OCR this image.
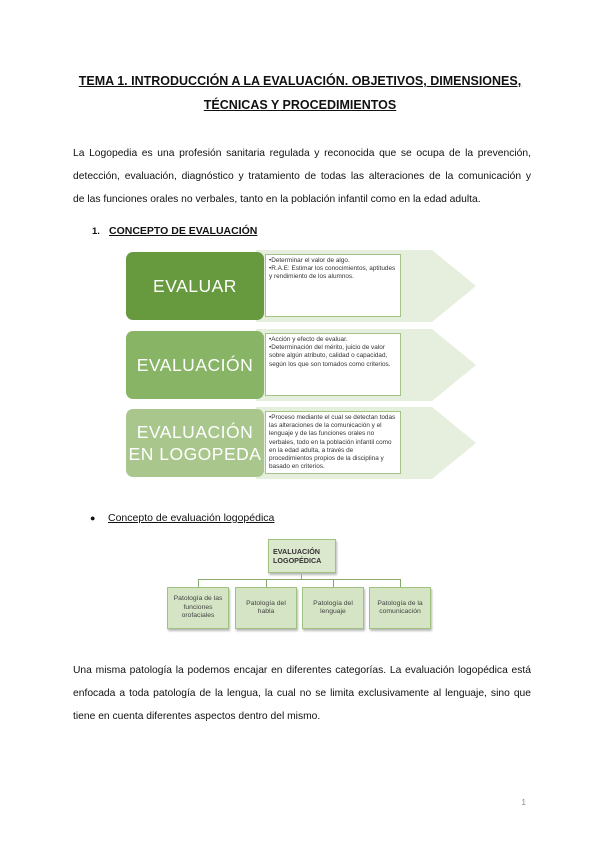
TEMA 1. INTRODUCCIÓN A LA EVALUACIÓN. OBJETIVOS, DIMENSIONES,
TÉCNICAS Y PROCEDIMIENTOS
La Logopedia es una profesión sanitaria regulada y reconocida que se ocupa de la prevención,
detección, evaluación, diagnóstico y tratamiento de todas las alteraciones de la comunicación y
de las funciones orales no verbales, tanto en la población infantil como en la edad adulta.
1. CONCEPTO DE EVALUACIÓN
EVALUAR
•Determinar el valor de algo.
•R.A.E: Estimar los conocimientos, aptitudes y rendimiento de los alumnos.
EVALUACIÓN
•Acción y efecto de evaluar.
•Determinación del mérito, juicio de valor sobre algún atributo, calidad o capacidad, según los que son tomados como criterios.
EVALUACIÓN
EN LOGOPEDA
•Proceso mediante el cual se detectan todas las alteraciones de la comunicación y el lenguaje y de las funciones orales no verbales, todo en la población infantil como en la edad adulta, a través de procedimientos propios de la disciplina y basado en criterios.
● Concepto de evaluación logopédica
EVALUACIÓN
LOGOPÉDICA
Patología de las funciones orofaciales
Patología del habla
Patología del lenguaje
Patología de la comunicación
Una misma patología la podemos encajar en diferentes categorías. La evaluación logopédica está
enfocada a toda patología de la lengua, la cual no se limita exclusivamente al lenguaje, sino que
tiene en cuenta diferentes aspectos dentro del mismo.
1
